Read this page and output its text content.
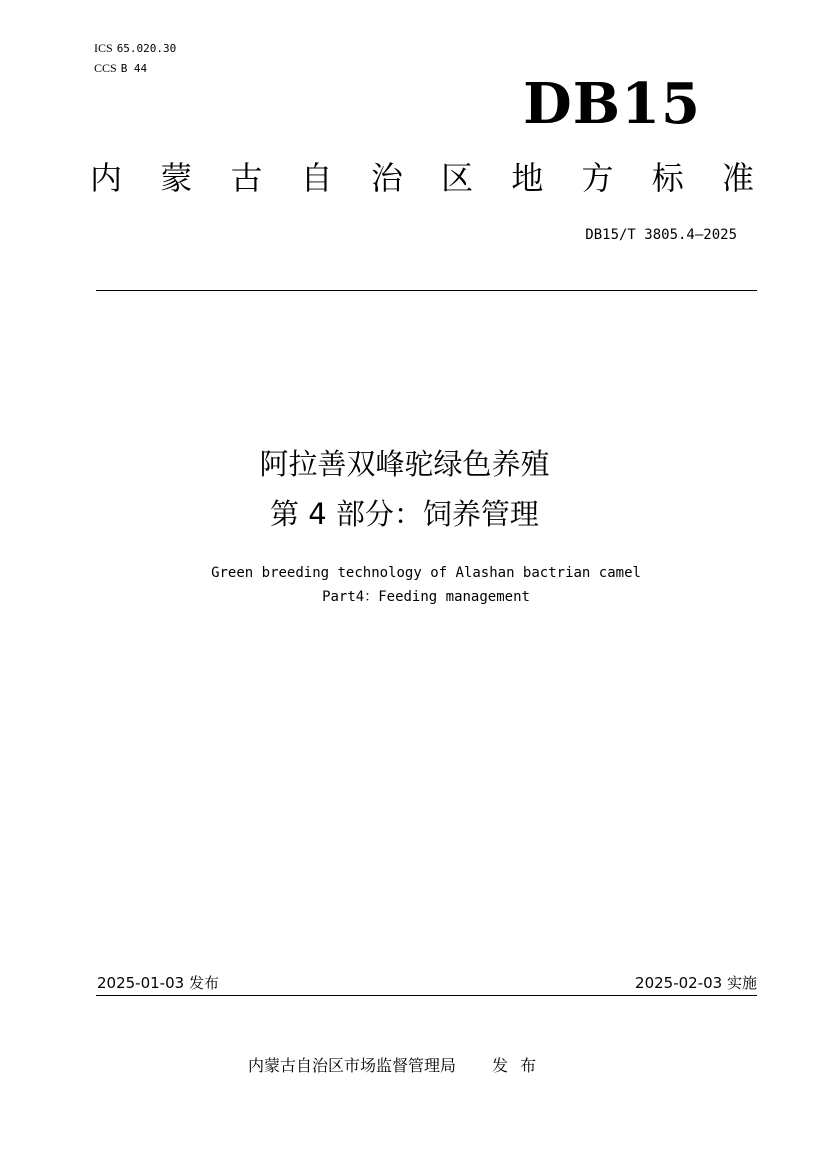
ICS 65.020.30
CCS B 44
DB15
内 蒙 古 自 治 区 地 方 标 准
DB15/T 3805.4—2025
阿拉善双峰驼绿色养殖
第 4 部分：饲养管理
Green breeding technology of Alashan bactrian camel
Part4：Feeding management
2025-01-03 发布	2025-02-03 实施
内蒙古自治区市场监督管理局 发布
